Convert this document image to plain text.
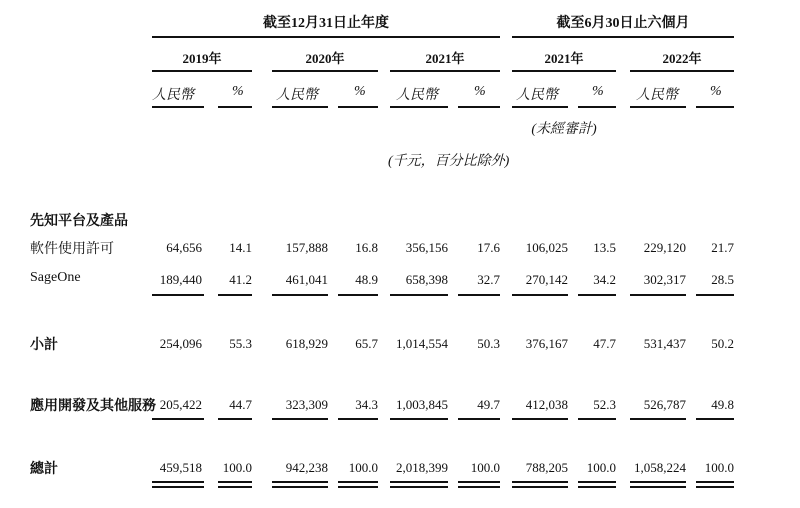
截至12月31日止年度	截至6月30日止六個月
2019年	2020年	2021年	2021年	2022年
人民幣	% 人民幣	% 人民幣	% 人民幣 % 人民幣 %
(未經審計)
(千元，百分比除外)
先知平台及產品
軟件使用許可	64,656	14.1	157,888	16.8	356,156	17.6	106,025	13.5	229,120	21.7
SageOne	189,440	41.2	461,041	48.9	658,398	32.7	270,142	34.2	302,317	28.5
小計	254,096	55.3	618,929	65.7	1,014,554	50.3	376,167	47.7	531,437	50.2
應用開發及其他服務 205,422	44.7	323,309	34.3	1,003,845	49.7	412,038	52.3	526,787	49.8
總計	459,518	100.0	942,238	100.0	2,018,399	100.0	788,205	100.0	1,058,224	100.0
